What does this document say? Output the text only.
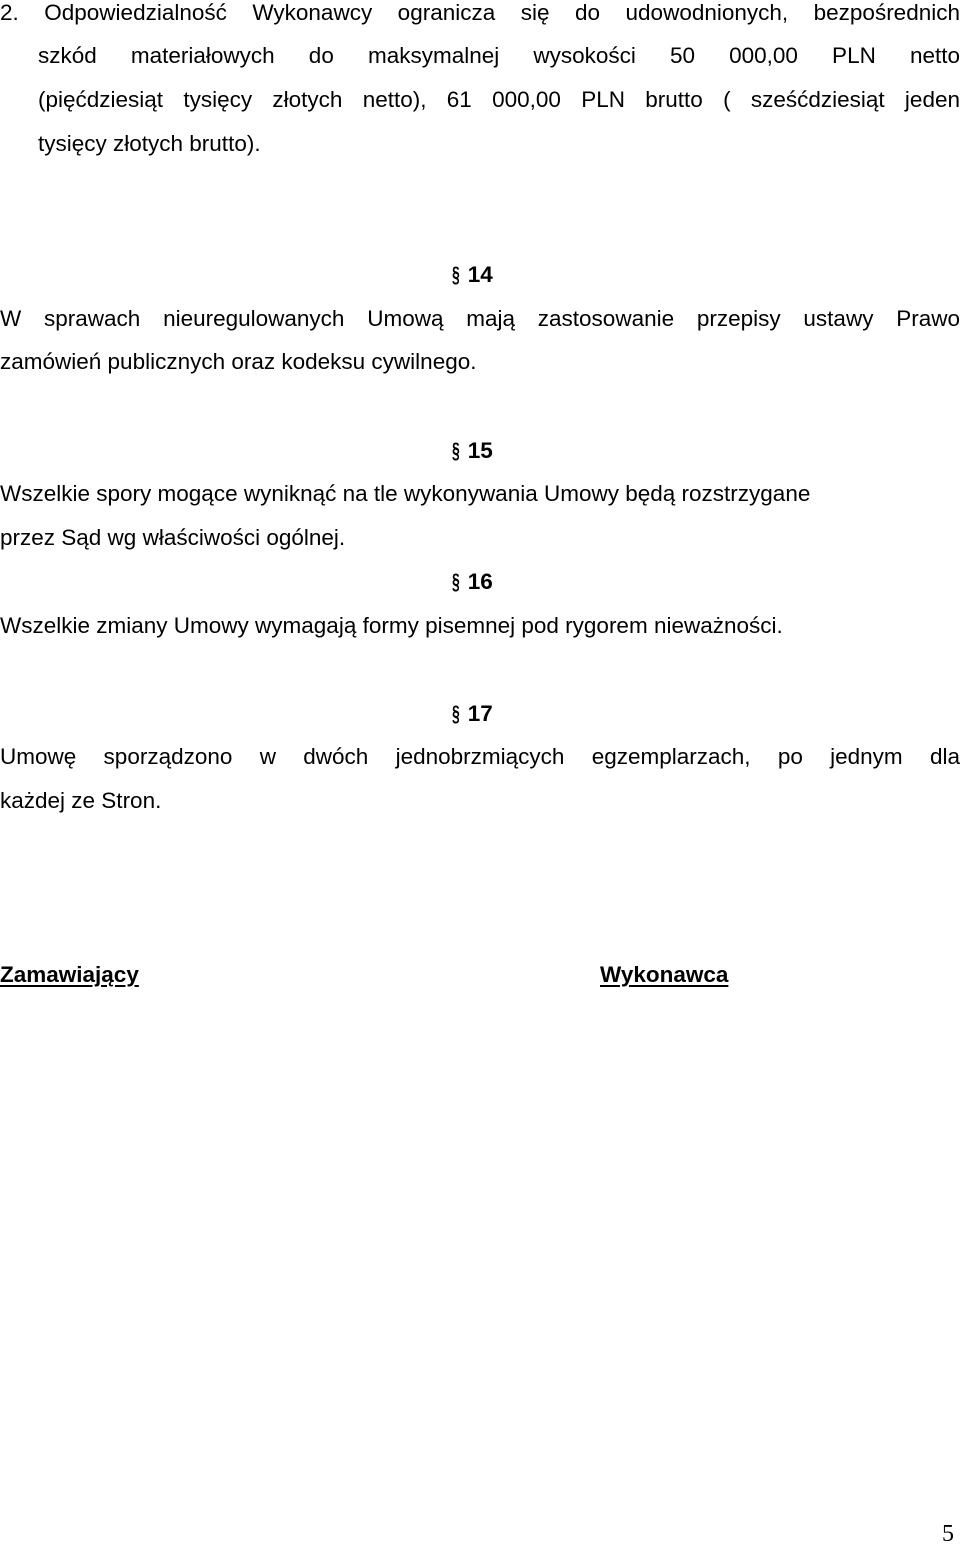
2. Odpowiedzialność Wykonawcy ogranicza się do udowodnionych, bezpośrednich
szkód materiałowych do maksymalnej wysokości 50 000,00 PLN netto
(pięćdziesiąt tysięcy złotych netto), 61 000,00 PLN brutto ( sześćdziesiąt jeden
tysięcy złotych brutto).
§ 14
W sprawach nieuregulowanych Umową mają zastosowanie przepisy ustawy Prawo
zamówień publicznych oraz kodeksu cywilnego.
§ 15
Wszelkie spory mogące wyniknąć na tle wykonywania Umowy będą rozstrzygane
przez Sąd wg właściwości ogólnej.
§ 16
Wszelkie zmiany Umowy wymagają formy pisemnej pod rygorem nieważności.
§ 17
Umowę sporządzono w dwóch jednobrzmiących egzemplarzach, po jednym dla
każdej ze Stron.
Zamawiający	Wykonawca
5
